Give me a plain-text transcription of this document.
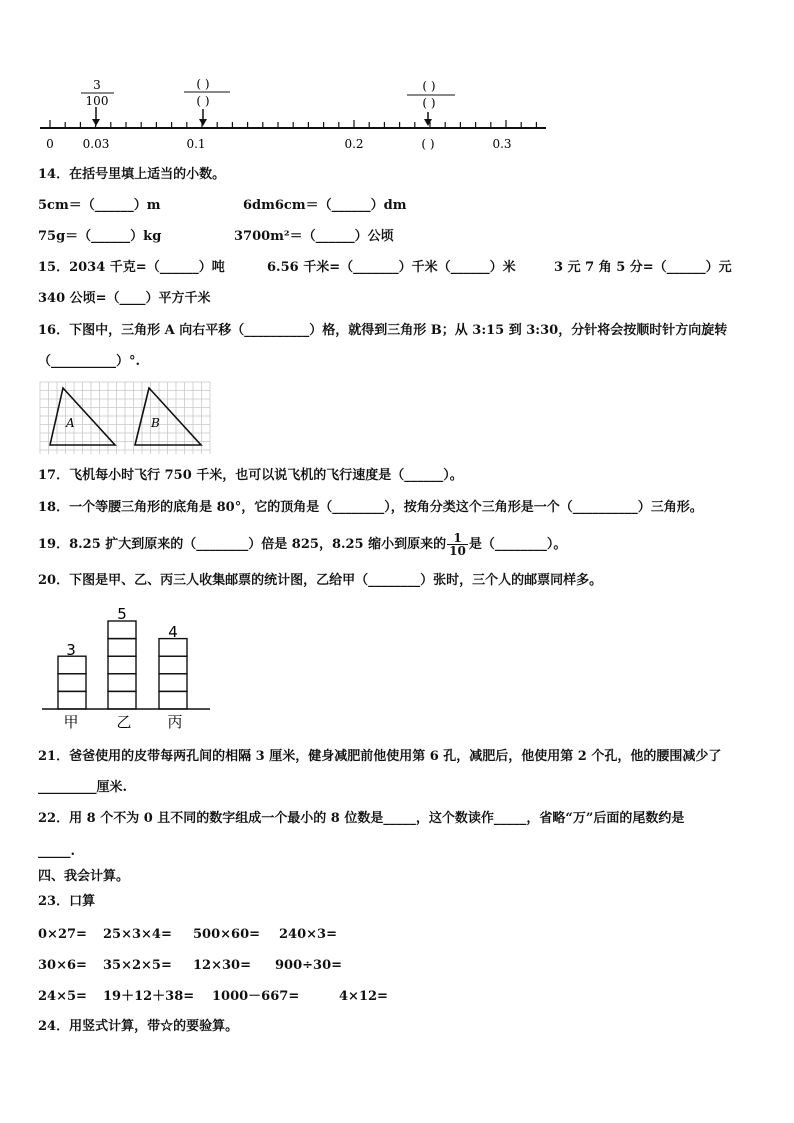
3
100
( )
( )
( )
( )
0 0.03	0.1	0.2	( )	0.3
14．在括号里填上适当的小数。
5cm＝（______）m	6dm6cm＝（______）dm
75g＝（______）kg	3700m²＝（______）公顷
15．2034 千克=（______）吨	6.56 千米=（_______）千米（______）米	3 元 7 角 5 分=（______）元
340 公顷=（____）平方千米
16．下图中，三角形 A 向右平移（__________）格，就得到三角形 B；从 3:15 到 3:30，分针将会按顺时针方向旋转
（__________）°.
A	B
17．飞机每小时飞行 750 千米，也可以说飞机的飞行速度是（______）。
18．一个等腰三角形的底角是 80°，它的顶角是（________），按角分类这个三角形是一个（__________）三角形。
19．8.25 扩大到原来的（________）倍是 825，8.25 缩小到原来的 $\frac{1}{10}$ 是（________）。
20．下图是甲、乙、丙三人收集邮票的统计图，乙给甲（________）张时，三个人的邮票同样多。
3
5
4
甲	乙 丙
21．爸爸使用的皮带每两孔间的相隔 3 厘米，健身减肥前他使用第 6 孔，减肥后，他使用第 2 个孔，他的腰围减少了
_________厘米.
22．用 8 个不为 0 且不同的数字组成一个最小的 8 位数是_____，这个数读作_____，省略“万”后面的尾数约是
_____.
四、我会计算。
23．口算
0×27= 25×3×4= 500×60= 240×3=
30×6= 35×2×5= 12×30= 900÷30=
24×5= 19＋12＋38= 1000－667=	4×12=
24．用竖式计算，带☆的要验算。
